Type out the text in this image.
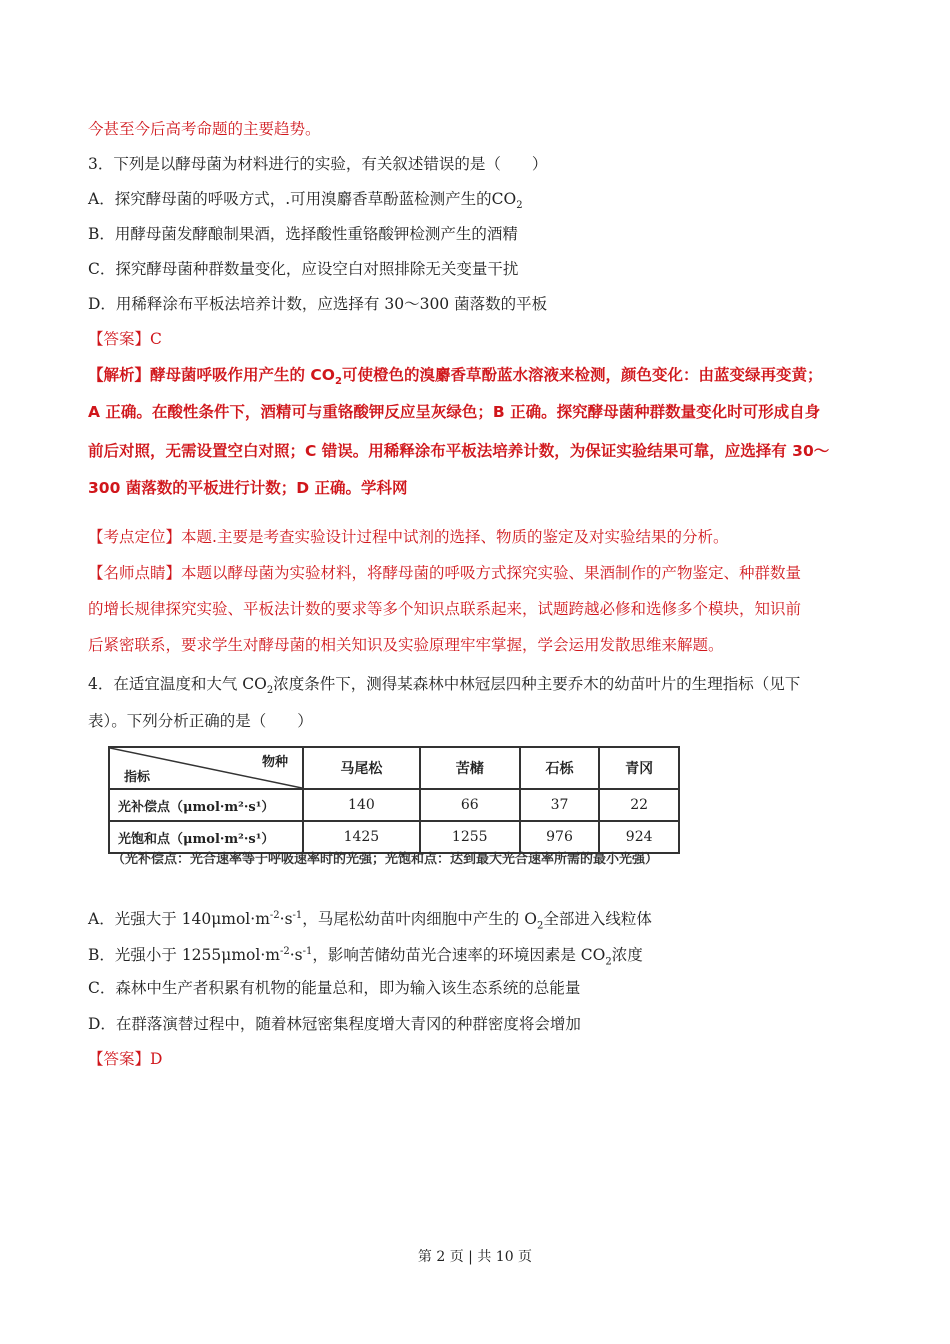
今甚至今后高考命题的主要趋势。
3．下列是以酵母菌为材料进行的实验，有关叙述错误的是（　　）
A．探究酵母菌的呼吸方式，.可用溴麝香草酚蓝检测产生的$CO_2$
B．用酵母菌发酵酿制果酒，选择酸性重铬酸钾检测产生的酒精
C．探究酵母菌种群数量变化，应设空白对照排除无关变量干扰
D．用稀释涂布平板法培养计数，应选择有 30～300 菌落数的平板
【答案】C
【解析】酵母菌呼吸作用产生的 $CO_2$可使橙色的溴麝香草酚蓝水溶液来检测，颜色变化：由蓝变绿再变黄；
A 正确。在酸性条件下，酒精可与重铬酸钾反应呈灰绿色；B 正确。探究酵母菌种群数量变化时可形成自身
前后对照，无需设置空白对照；C 错误。用稀释涂布平板法培养计数，为保证实验结果可靠，应选择有 30～
300 菌落数的平板进行计数；D 正确。学科网
【考点定位】本题.主要是考查实验设计过程中试剂的选择、物质的鉴定及对实验结果的分析。
【名师点睛】本题以酵母菌为实验材料，将酵母菌的呼吸方式探究实验、果酒制作的产物鉴定、种群数量
的增长规律探究实验、平板法计数的要求等多个知识点联系起来，试题跨越必修和选修多个模块，知识前
后紧密联系，要求学生对酵母菌的相关知识及实验原理牢牢掌握，学会运用发散思维来解题。
4．在适宜温度和大气 $CO_2$浓度条件下，测得某森林中林冠层四种主要乔木的幼苗叶片的生理指标（见下
表）。下列分析正确的是（　　）
物种
指标	马尾松	苦槠	石栎	青冈
光补偿点（μmol·m²·s¹）	140	66	37	22
光饱和点（μmol·m²·s¹）	1425	1255	976	924
（光补偿点：光合速率等于呼吸速率时的光强；光饱和点：达到最大光合速率所需的最小光强）
A．光强大于 $140\mu mol\cdot m^{-2}\cdot s^{-1}$，马尾松幼苗叶肉细胞中产生的 $O_2$全部进入线粒体
B．光强小于 $1255\mu mol\cdot m^{-2}\cdot s^{-1}$，影响苦储幼苗光合速率的环境因素是 $CO_2$浓度
C．森林中生产者积累有机物的能量总和，即为输入该生态系统的总能量
D．在群落演替过程中，随着林冠密集程度增大青冈的种群密度将会增加
【答案】D
第 2 页 | 共 10 页
